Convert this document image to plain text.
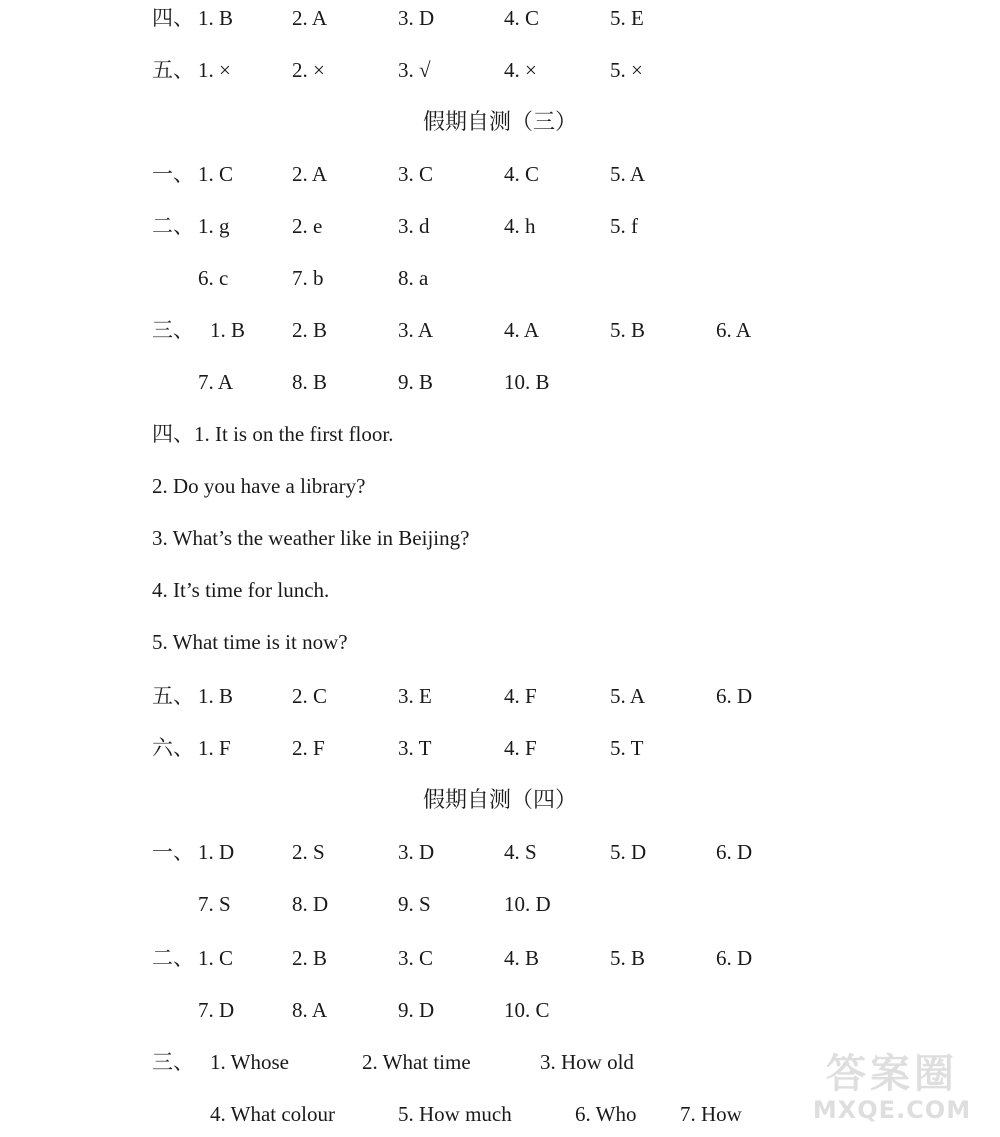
四、 1. B	2. A	3. D	4. C	5. E
五、 1. ×	2. ×	3. √	4. ×	5. ×
假期自测（三）
一、 1. C	2. A	3. C	4. C	5. A
二、 1. g	2. e	3. d	4. h	5. f
6. c	7. b	8. a
三、 1. B 2. B	3. A	4. A	5. B	6. A
7. A	8. B	9. B	10. B
四、1. It is on the first floor.
2. Do you have a library?
3. What’s the weather like in Beijing?
4. It’s time for lunch.
5. What time is it now?
五、 1. B	2. C	3. E	4. F	5. A	6. D
六、 1. F	2. F	3. T	4. F	5. T
假期自测（四）
一、 1. D	2. S	3. D	4. S	5. D	6. D
7. S	8. D	9. S	10. D
二、 1. C	2. B	3. C	4. B	5. B	6. D
7. D	8. A	9. D	10. C
三、 1. Whose	2. What time	3. How old
4. What colour	5. How much	6. Who 7. How
答案圈
MXQE.COM
